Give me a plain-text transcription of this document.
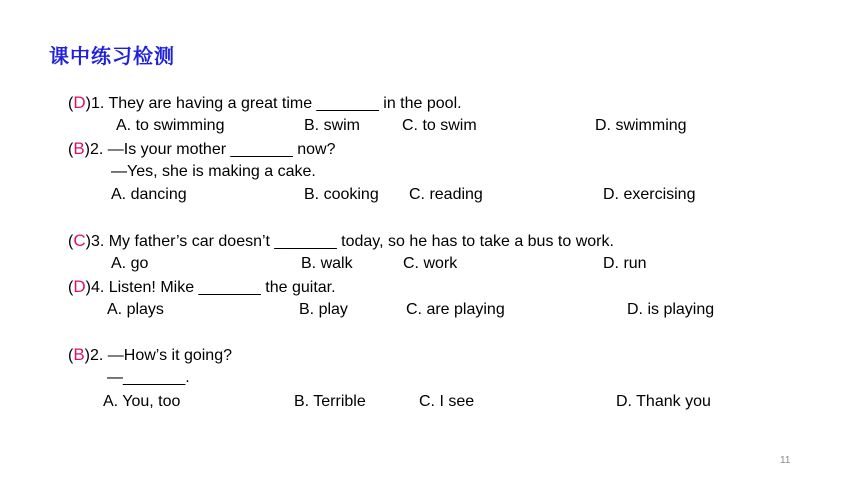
课中练习检测
(D)1. They are having a great time _______ in the pool.
A. to swimming	B. swim	C. to swim	D. swimming
(B)2. —Is your mother _______ now?
—Yes, she is making a cake.
A. dancing	B. cooking C. reading	D. exercising
(C)3. My father’s car doesn’t _______ today, so he has to take a bus to work.
A. go	B. walk	C. work	D. run
(D)4. Listen! Mike _______ the guitar.
A. plays	B. play	C. are playing	D. is playing
(B)2. —How’s it going?
—_______.
A. You, too	B. Terrible	C. I see	D. Thank you
11
